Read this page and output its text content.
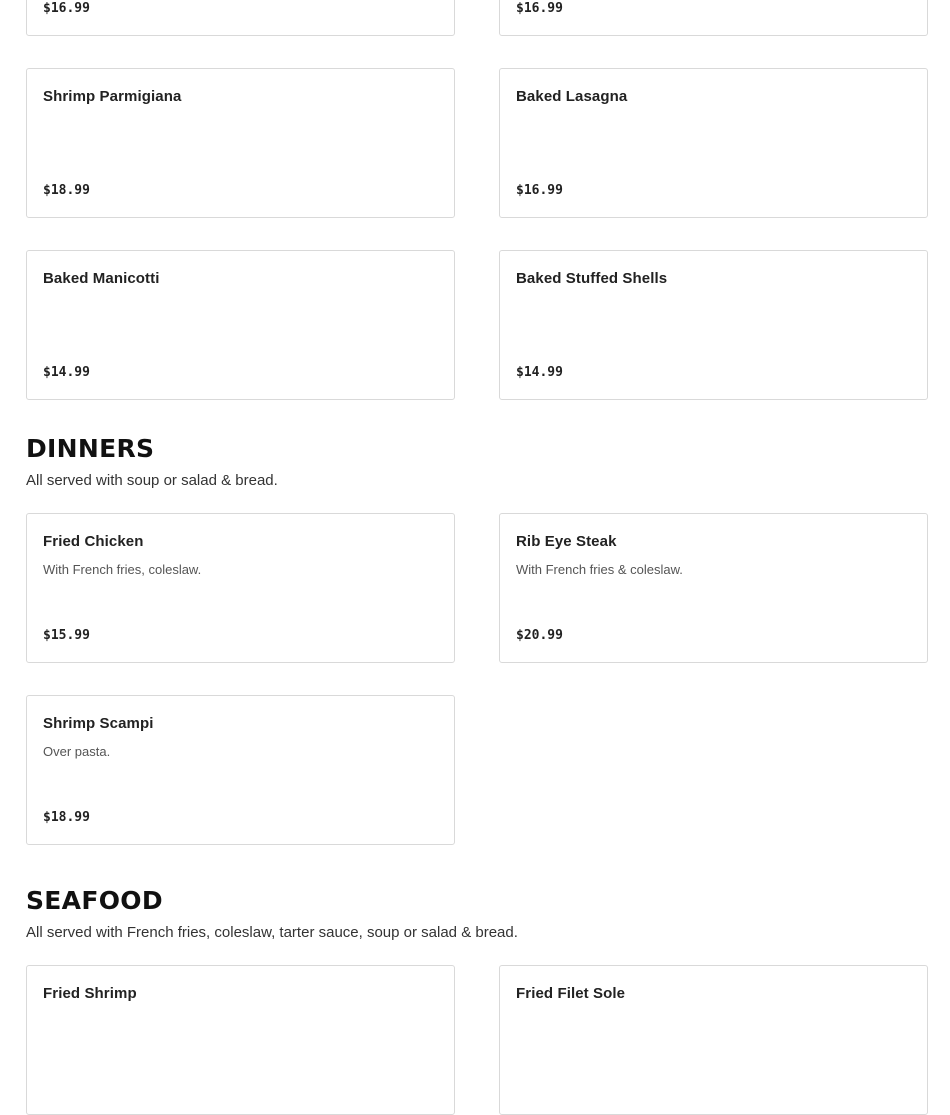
$16.99	$16.99
Shrimp Parmigiana
$18.99
Baked Lasagna
$16.99
Baked Manicotti
$14.99
Baked Stuffed Shells
$14.99
DINNERS
All served with soup or salad & bread.
Fried Chicken
With French fries, coleslaw.
$15.99
Rib Eye Steak
With French fries & coleslaw.
$20.99
Shrimp Scampi
Over pasta.
$18.99
SEAFOOD
All served with French fries, coleslaw, tarter sauce, soup or salad & bread.
Fried Shrimp	Fried Filet Sole
